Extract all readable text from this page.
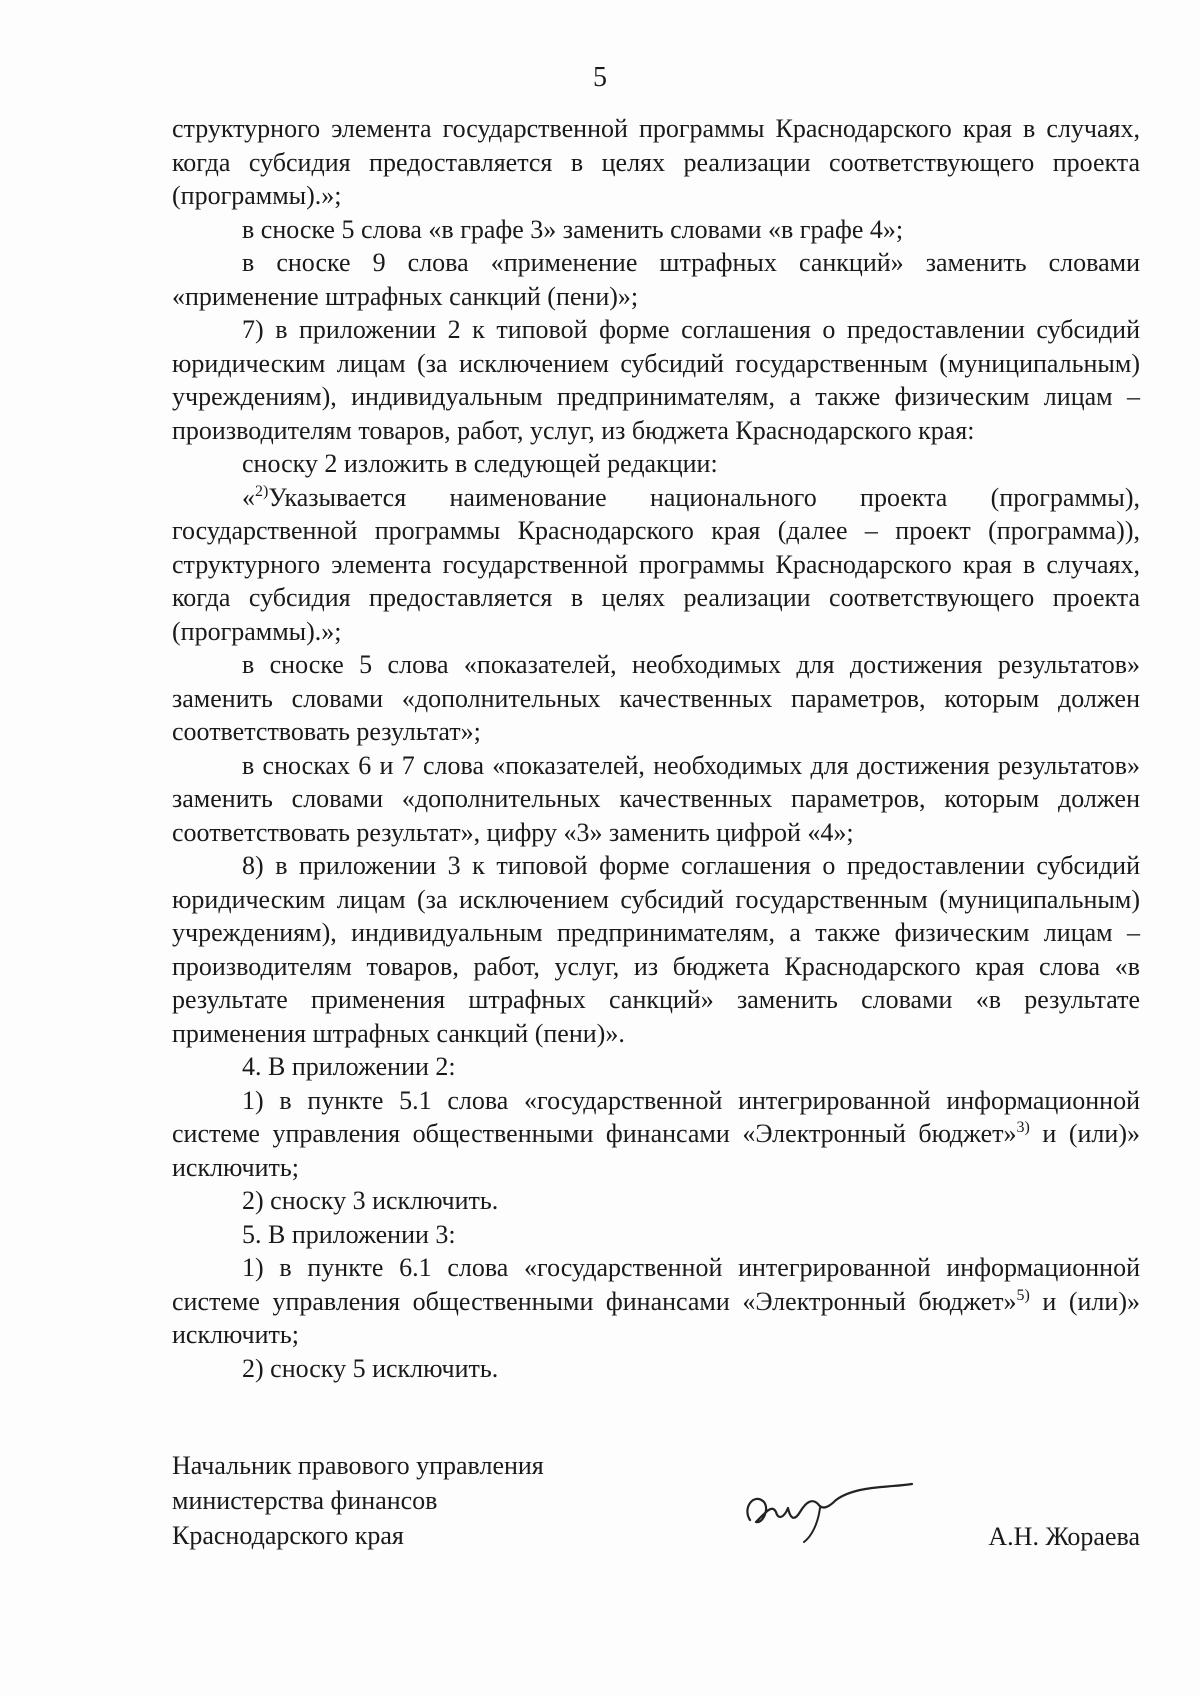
5

структурного элемента государственной программы Краснодарского края в случаях, когда субсидия предоставляется в целях реализации соответствующего проекта (программы).»;

в сноске 5 слова «в графе 3» заменить словами «в графе 4»;

в сноске 9 слова «применение штрафных санкций» заменить словами «применение штрафных санкций (пени)»;

7) в приложении 2 к типовой форме соглашения о предоставлении субсидий юридическим лицам (за исключением субсидий государственным (муниципальным) учреждениям), индивидуальным предпринимателям, а также физическим лицам – производителям товаров, работ, услуг, из бюджета Краснодарского края:

сноску 2 изложить в следующей редакции:

«$^{2)}$Указывается наименование национального проекта (программы), государственной программы Краснодарского края (далее – проект (программа)), структурного элемента государственной программы Краснодарского края в случаях, когда субсидия предоставляется в целях реализации соответствующего проекта (программы).»;

в сноске 5 слова «показателей, необходимых для достижения результатов» заменить словами «дополнительных качественных параметров, которым должен соответствовать результат»;

в сносках 6 и 7 слова «показателей, необходимых для достижения результатов» заменить словами «дополнительных качественных параметров, которым должен соответствовать результат», цифру «3» заменить цифрой «4»;

8) в приложении 3 к типовой форме соглашения о предоставлении субсидий юридическим лицам (за исключением субсидий государственным (муниципальным) учреждениям), индивидуальным предпринимателям, а также физическим лицам – производителям товаров, работ, услуг, из бюджета Краснодарского края слова «в результате применения штрафных санкций» заменить словами «в результате применения штрафных санкций (пени)».

4. В приложении 2:

1) в пункте 5.1 слова «государственной интегрированной информационной системе управления общественными финансами «Электронный бюджет»$^{3)}$ и (или)» исключить;

2) сноску 3 исключить.

5. В приложении 3:

1) в пункте 6.1 слова «государственной интегрированной информационной системе управления общественными финансами «Электронный бюджет»$^{5)}$ и (или)» исключить;

2) сноску 5 исключить.

Начальник правового управления
министерства финансов
Краснодарского края	А.Н. Жораева
